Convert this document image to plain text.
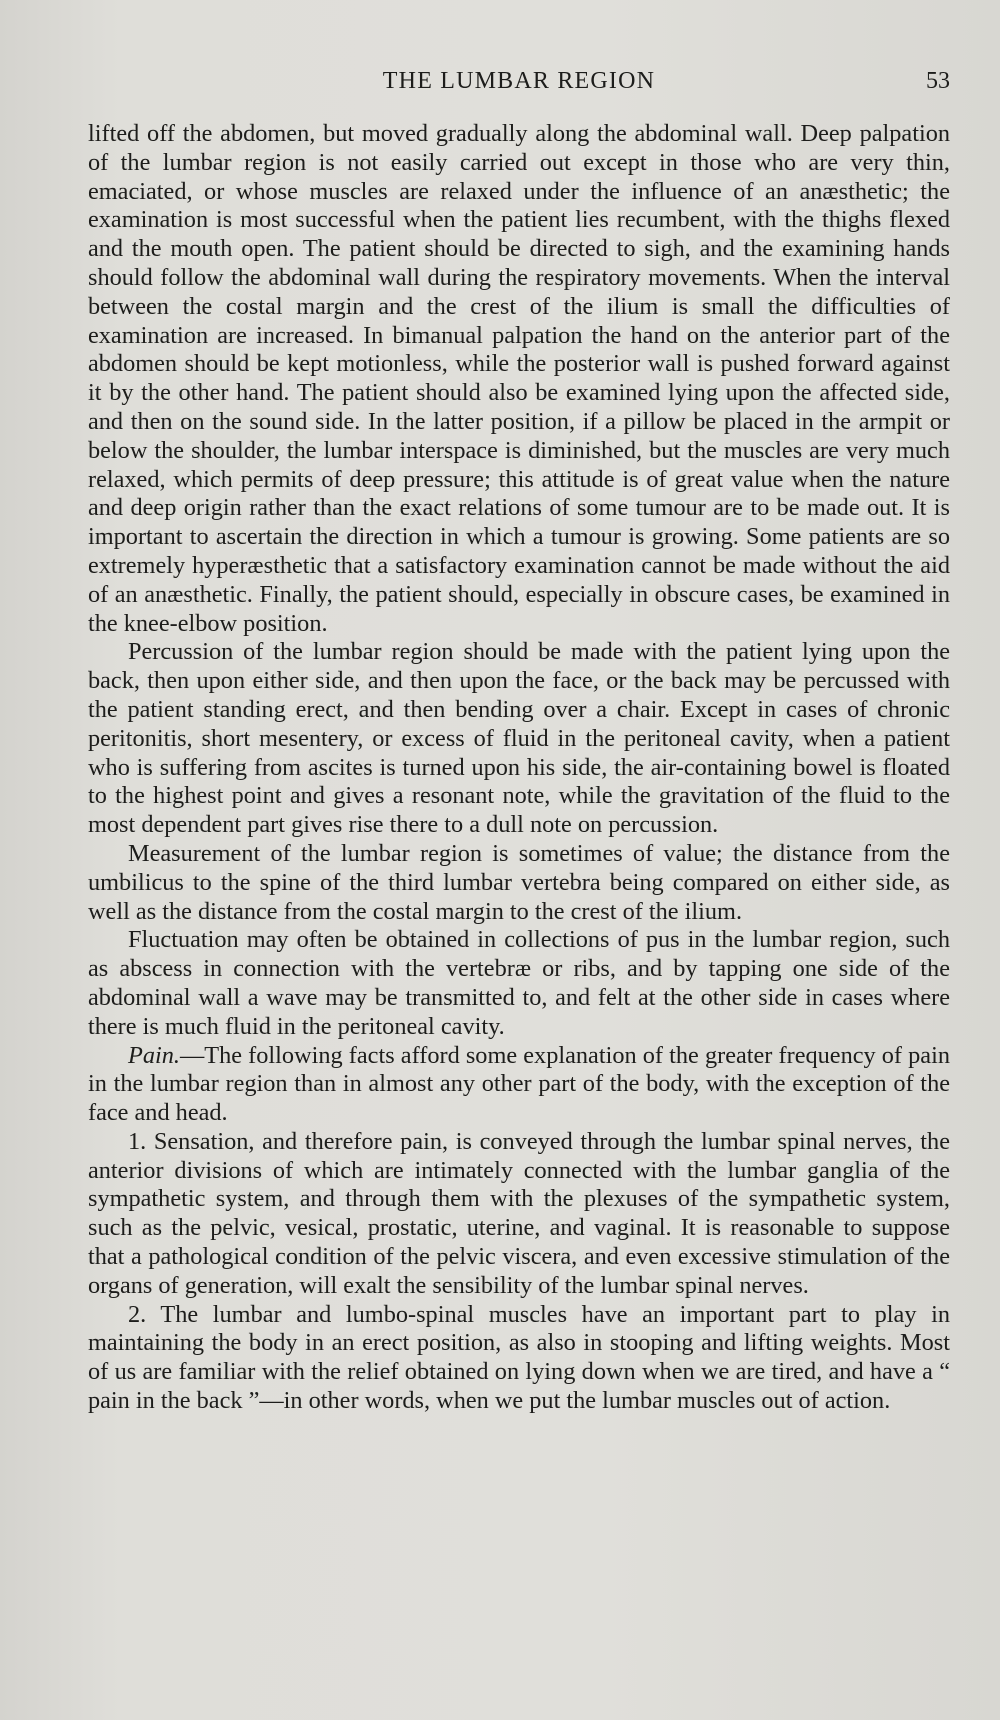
THE LUMBAR REGION	53

lifted off the abdomen, but moved gradually along the abdominal wall. Deep palpation of the lumbar region is not easily carried out except in those who are very thin, emaciated, or whose muscles are relaxed under the influence of an anæsthetic; the examination is most successful when the patient lies recumbent, with the thighs flexed and the mouth open. The patient should be directed to sigh, and the examining hands should follow the abdominal wall during the respiratory movements. When the interval between the costal margin and the crest of the ilium is small the difficulties of examination are increased. In bimanual palpation the hand on the anterior part of the abdomen should be kept motionless, while the posterior wall is pushed forward against it by the other hand. The patient should also be examined lying upon the affected side, and then on the sound side. In the latter position, if a pillow be placed in the armpit or below the shoulder, the lumbar interspace is diminished, but the muscles are very much relaxed, which permits of deep pressure; this attitude is of great value when the nature and deep origin rather than the exact relations of some tumour are to be made out. It is important to ascertain the direction in which a tumour is growing. Some patients are so extremely hyperæsthetic that a satisfactory examination cannot be made without the aid of an anæsthetic. Finally, the patient should, especially in obscure cases, be examined in the knee-elbow position.

Percussion of the lumbar region should be made with the patient lying upon the back, then upon either side, and then upon the face, or the back may be percussed with the patient standing erect, and then bending over a chair. Except in cases of chronic peritonitis, short mesentery, or excess of fluid in the peritoneal cavity, when a patient who is suffering from ascites is turned upon his side, the air-containing bowel is floated to the highest point and gives a resonant note, while the gravitation of the fluid to the most dependent part gives rise there to a dull note on percussion.

Measurement of the lumbar region is sometimes of value; the distance from the umbilicus to the spine of the third lumbar vertebra being compared on either side, as well as the distance from the costal margin to the crest of the ilium.

Fluctuation may often be obtained in collections of pus in the lumbar region, such as abscess in connection with the vertebræ or ribs, and by tapping one side of the abdominal wall a wave may be transmitted to, and felt at the other side in cases where there is much fluid in the peritoneal cavity.

Pain.—The following facts afford some explanation of the greater frequency of pain in the lumbar region than in almost any other part of the body, with the exception of the face and head.

1. Sensation, and therefore pain, is conveyed through the lumbar spinal nerves, the anterior divisions of which are intimately connected with the lumbar ganglia of the sympathetic system, and through them with the plexuses of the sympathetic system, such as the pelvic, vesical, prostatic, uterine, and vaginal. It is reasonable to suppose that a pathological condition of the pelvic viscera, and even excessive stimulation of the organs of generation, will exalt the sensibility of the lumbar spinal nerves.

2. The lumbar and lumbo-spinal muscles have an important part to play in maintaining the body in an erect position, as also in stooping and lifting weights. Most of us are familiar with the relief obtained on lying down when we are tired, and have a “ pain in the back ”—in other words, when we put the lumbar muscles out of action.
